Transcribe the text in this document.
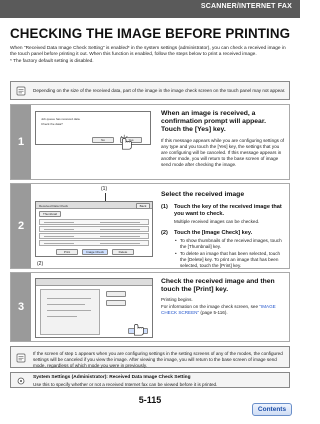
SCANNER/INTERNET FAX
CHECKING THE IMAGE BEFORE PRINTING
When "Received Data Image Check Setting" is enabled* in the system settings (administrator), you can check a received image in the touch panel before printing it out. When this function is enabled, follow the steps below to print a received image.
* The factory default setting is disabled.
Depending on the size of the received data, part of the image in the image check screen on the touch panel may not appear.
1
Job queue has received data.
Check the data?
No	Yes
When an image is received, a confirmation prompt will appear. Touch the [Yes] key.
If this message appears while you are configuring settings of any type and you touch the [Yes] key, the settings that you are configuring will be canceled. If this message appears in another mode, you will return to the base screen of image send mode after checking the image.
2
(1)
Received Data Check	Back
Thumbnail
Print	Image Check	Delete
(2)
Select the received image
(1) Touch the key of the received image that you want to check.
Multiple received images can be checked.
(2) Touch the [Image Check] key.
• To show thumbnails of the received images, touch the [Thumbnail] key.
• To delete an image that has been selected, touch the [Delete] key. To print an image that has been selected, touch the [Print] key.
3
Check the received image and then touch the [Print] key.
Printing begins.
For information on the image check screen, see "IMAGE CHECK SCREEN" (page 5-116).
If the screen of step 1 appears when you are configuring settings in the setting screens of any of the modes, the configured settings will be canceled if you view the image. After viewing the image, you will return to the base screen of image send mode, regardless of which mode you were in previously.
System Settings (Administrator): Received Data Image Check Setting
Use this to specify whether or not a received Internet fax can be viewed before it is printed.
5-115
Contents
